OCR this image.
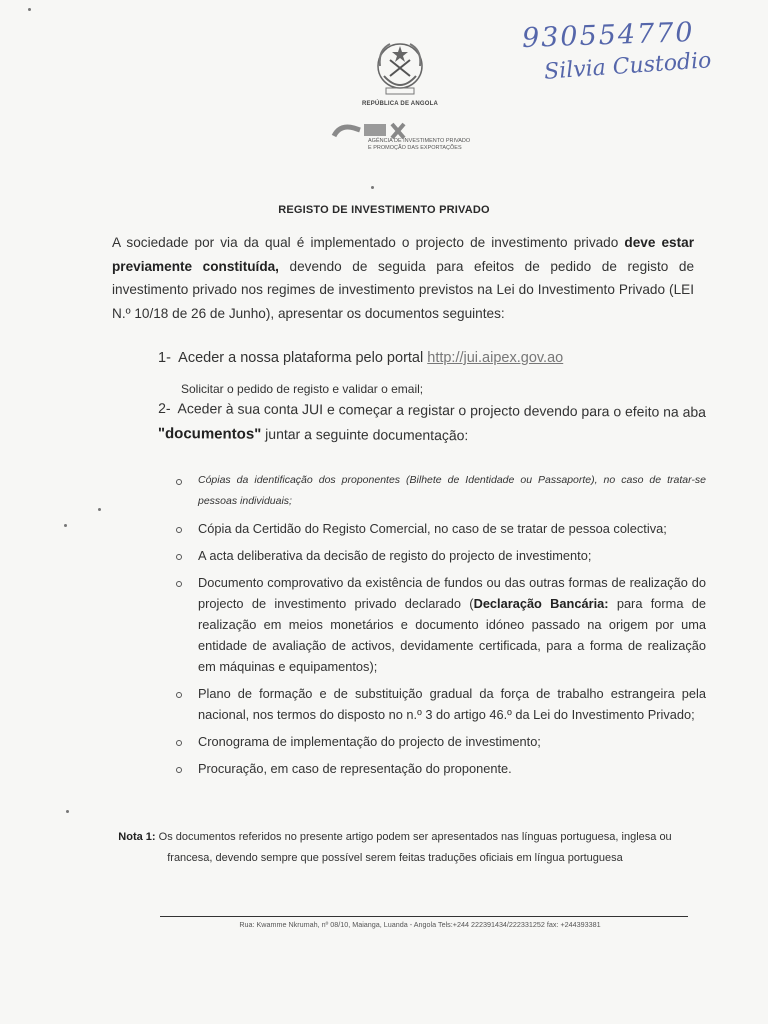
930554770
Silvia Custodio
REPÚBLICA DE ANGOLA
AGÊNCIA DE INVESTIMENTO PRIVADO
E PROMOÇÃO DAS EXPORTAÇÕES
REGISTO DE INVESTIMENTO PRIVADO
A sociedade por via da qual é implementado o projecto de investimento privado deve estar previamente constituída, devendo de seguida para efeitos de pedido de registo de investimento privado nos regimes de investimento previstos na Lei do Investimento Privado (LEI N.º 10/18 de 26 de Junho), apresentar os documentos seguintes:
1- Aceder a nossa plataforma pelo portal http://jui.aipex.gov.ao
Solicitar o pedido de registo e validar o email;
2- Aceder à sua conta JUI e começar a registar o projecto devendo para o efeito na aba "documentos" juntar a seguinte documentação:
Cópias da identificação dos proponentes (Bilhete de Identidade ou Passaporte), no caso de tratar-se pessoas individuais;
Cópia da Certidão do Registo Comercial, no caso de se tratar de pessoa colectiva;
A acta deliberativa da decisão de registo do projecto de investimento;
Documento comprovativo da existência de fundos ou das outras formas de realização do projecto de investimento privado declarado (Declaração Bancária: para forma de realização em meios monetários e documento idóneo passado na origem por uma entidade de avaliação de activos, devidamente certificada, para a forma de realização em máquinas e equipamentos);
Plano de formação e de substituição gradual da força de trabalho estrangeira pela nacional, nos termos do disposto no n.º 3 do artigo 46.º da Lei do Investimento Privado;
Cronograma de implementação do projecto de investimento;
Procuração, em caso de representação do proponente.
Nota 1: Os documentos referidos no presente artigo podem ser apresentados nas línguas portuguesa, inglesa ou francesa, devendo sempre que possível serem feitas traduções oficiais em língua portuguesa
Rua: Kwamme Nkrumah, nº 08/10, Maianga, Luanda - Angola Tels:+244 222391434/222331252 fax: +244393381
